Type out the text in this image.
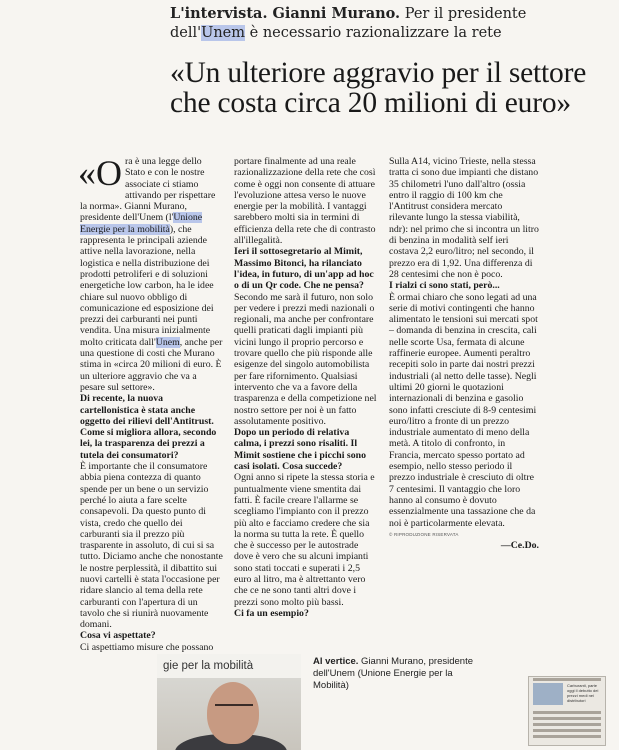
L'intervista. Gianni Murano. Per il presidente dell'Unem è necessario razionalizzare la rete
«Un ulteriore aggravio per il settore che costa circa 20 milioni di euro»

«Ora è una legge dello Stato e con le nostre associate ci stiamo attivando per rispettare la norma». Gianni Murano, presidente dell'Unem (l'Unione Energie per la mobilità), che rappresenta le principali aziende attive nella lavorazione, nella logistica e nella distribuzione dei prodotti petroliferi e di soluzioni energetiche low carbon, ha le idee chiare sul nuovo obbligo di comunicazione ed esposizione dei prezzi dei carburanti nei punti vendita. Una misura inizialmente molto criticata dall'Unem, anche per una questione di costi che Murano stima in «circa 20 milioni di euro. È un ulteriore aggravio che va a pesare sul settore».

Di recente, la nuova cartellonistica è stata anche oggetto dei rilievi dell'Antitrust. Come si migliora allora, secondo lei, la trasparenza dei prezzi a tutela dei consumatori?

È importante che il consumatore abbia piena contezza di quanto spende per un bene o un servizio perché lo aiuta a fare scelte consapevoli. Da questo punto di vista, credo che quello dei carburanti sia il prezzo più trasparente in assoluto, di cui si sa tutto. Diciamo anche che nonostante le nostre perplessità, il dibattito sui nuovi cartelli è stata l'occasione per ridare slancio al tema della rete carburanti con l'apertura di un tavolo che si riunirà nuovamente domani.

Cosa vi aspettate?

Ci aspettiamo misure che possano

portare finalmente ad una reale razionalizzazione della rete che così come è oggi non consente di attuare l'evoluzione attesa verso le nuove energie per la mobilità. I vantaggi sarebbero molti sia in termini di efficienza della rete che di contrasto all'illegalità.

Ieri il sottosegretario al Mimit, Massimo Bitonci, ha rilanciato l'idea, in futuro, di un'app ad hoc o di un Qr code. Che ne pensa?

Secondo me sarà il futuro, non solo per vedere i prezzi medi nazionali o regionali, ma anche per confrontare quelli praticati dagli impianti più vicini lungo il proprio percorso e trovare quello che più risponde alle esigenze del singolo automobilista per fare rifornimento. Qualsiasi intervento che va a favore della trasparenza e della competizione nel nostro settore per noi è un fatto assolutamente positivo.

Dopo un periodo di relativa calma, i prezzi sono risaliti. Il Mimit sostiene che i picchi sono casi isolati. Cosa succede?

Ogni anno si ripete la stessa storia e puntualmente viene smentita dai fatti. È facile creare l'allarme se scegliamo l'impianto con il prezzo più alto e facciamo credere che sia la norma su tutta la rete. È quello che è successo per le autostrade dove è vero che su alcuni impianti sono stati toccati e superati i 2,5 euro al litro, ma è altrettanto vero che ce ne sono tanti altri dove i prezzi sono molto più bassi.

Ci fa un esempio?

Sulla A14, vicino Trieste, nella stessa tratta ci sono due impianti che distano 35 chilometri l'uno dall'altro (ossia entro il raggio di 100 km che l'Antitrust considera mercato rilevante lungo la stessa viabilità, ndr): nel primo che si incontra un litro di benzina in modalità self ieri costava 2,2 euro/litro; nel secondo, il prezzo era di 1,92. Una differenza di 28 centesimi che non è poco.

I rialzi ci sono stati, però...

È ormai chiaro che sono legati ad una serie di motivi contingenti che hanno alimentato le tensioni sui mercati spot – domanda di benzina in crescita, cali nelle scorte Usa, fermata di alcune raffinerie europee. Aumenti peraltro recepiti solo in parte dai nostri prezzi industriali (al netto delle tasse). Negli ultimi 20 giorni le quotazioni internazionali di benzina e gasolio sono infatti cresciute di 8-9 centesimi euro/litro a fronte di un prezzo industriale aumentato di meno della metà. A titolo di confronto, in Francia, mercato spesso portato ad esempio, nello stesso periodo il prezzo industriale è cresciuto di oltre 7 centesimi. Il vantaggio che loro hanno al consumo è dovuto essenzialmente una tassazione che da noi è particolarmente elevata.

© RIPRODUZIONE RISERVATA

—Ce.Do.

gie per la mobilità	Al vertice. Gianni Murano, presidente dell'Unem (Unione Energie per la Mobilità)	Carburanti, parte oggi il debutto dei prezzi medi nei distributori
